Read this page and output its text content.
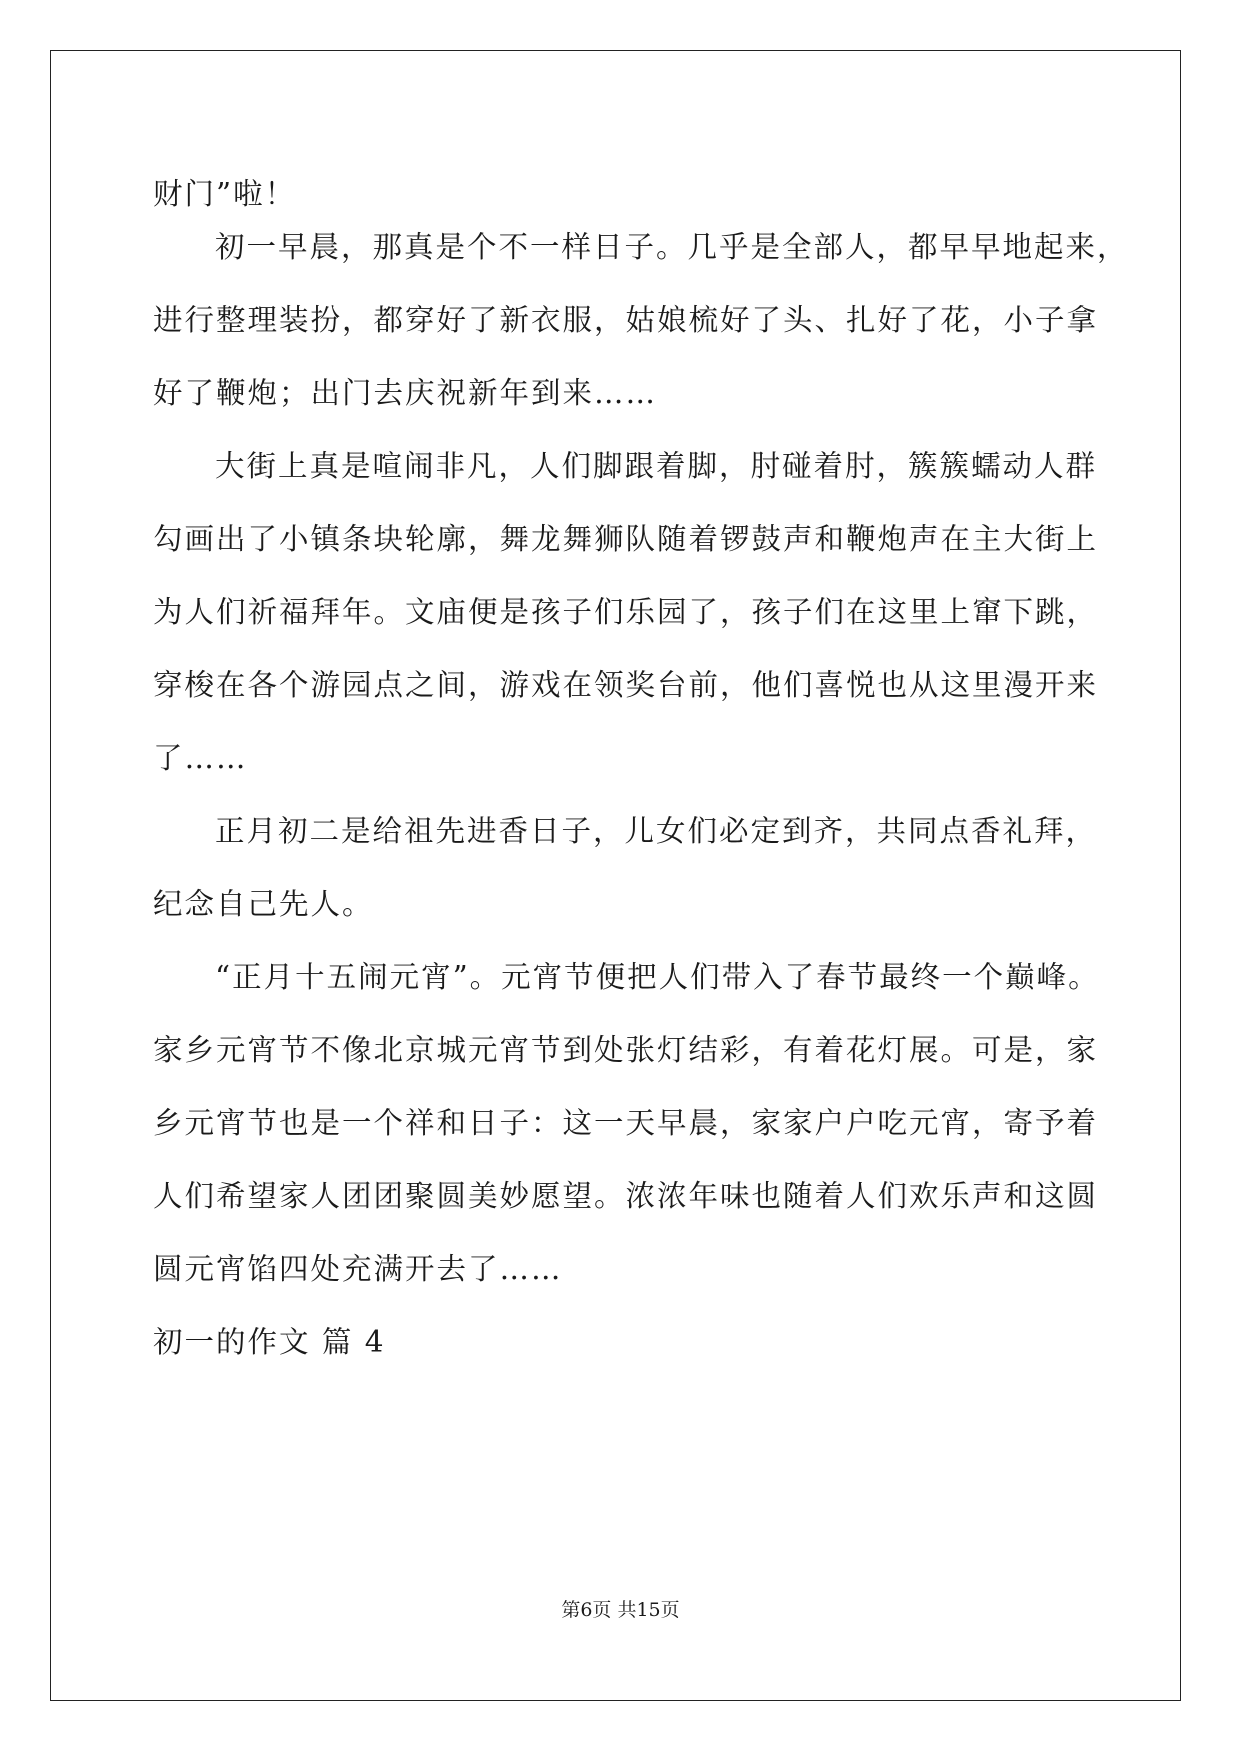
财门”啦！
初一早晨，那真是个不一样日子。几乎是全部人，都早早地起来，
进行整理装扮，都穿好了新衣服，姑娘梳好了头、扎好了花，小子拿
好了鞭炮；出门去庆祝新年到来……
大街上真是喧闹非凡，人们脚跟着脚，肘碰着肘，簇簇蠕动人群
勾画出了小镇条块轮廓，舞龙舞狮队随着锣鼓声和鞭炮声在主大街上
为人们祈福拜年。文庙便是孩子们乐园了，孩子们在这里上窜下跳，
穿梭在各个游园点之间，游戏在领奖台前，他们喜悦也从这里漫开来
了……
正月初二是给祖先进香日子，儿女们必定到齐，共同点香礼拜，
纪念自己先人。
“正月十五闹元宵”。元宵节便把人们带入了春节最终一个巅峰。
家乡元宵节不像北京城元宵节到处张灯结彩，有着花灯展。可是，家
乡元宵节也是一个祥和日子：这一天早晨，家家户户吃元宵，寄予着
人们希望家人团团聚圆美妙愿望。浓浓年味也随着人们欢乐声和这圆
圆元宵馅四处充满开去了……
初一的作文 篇 4
第6页 共15页
